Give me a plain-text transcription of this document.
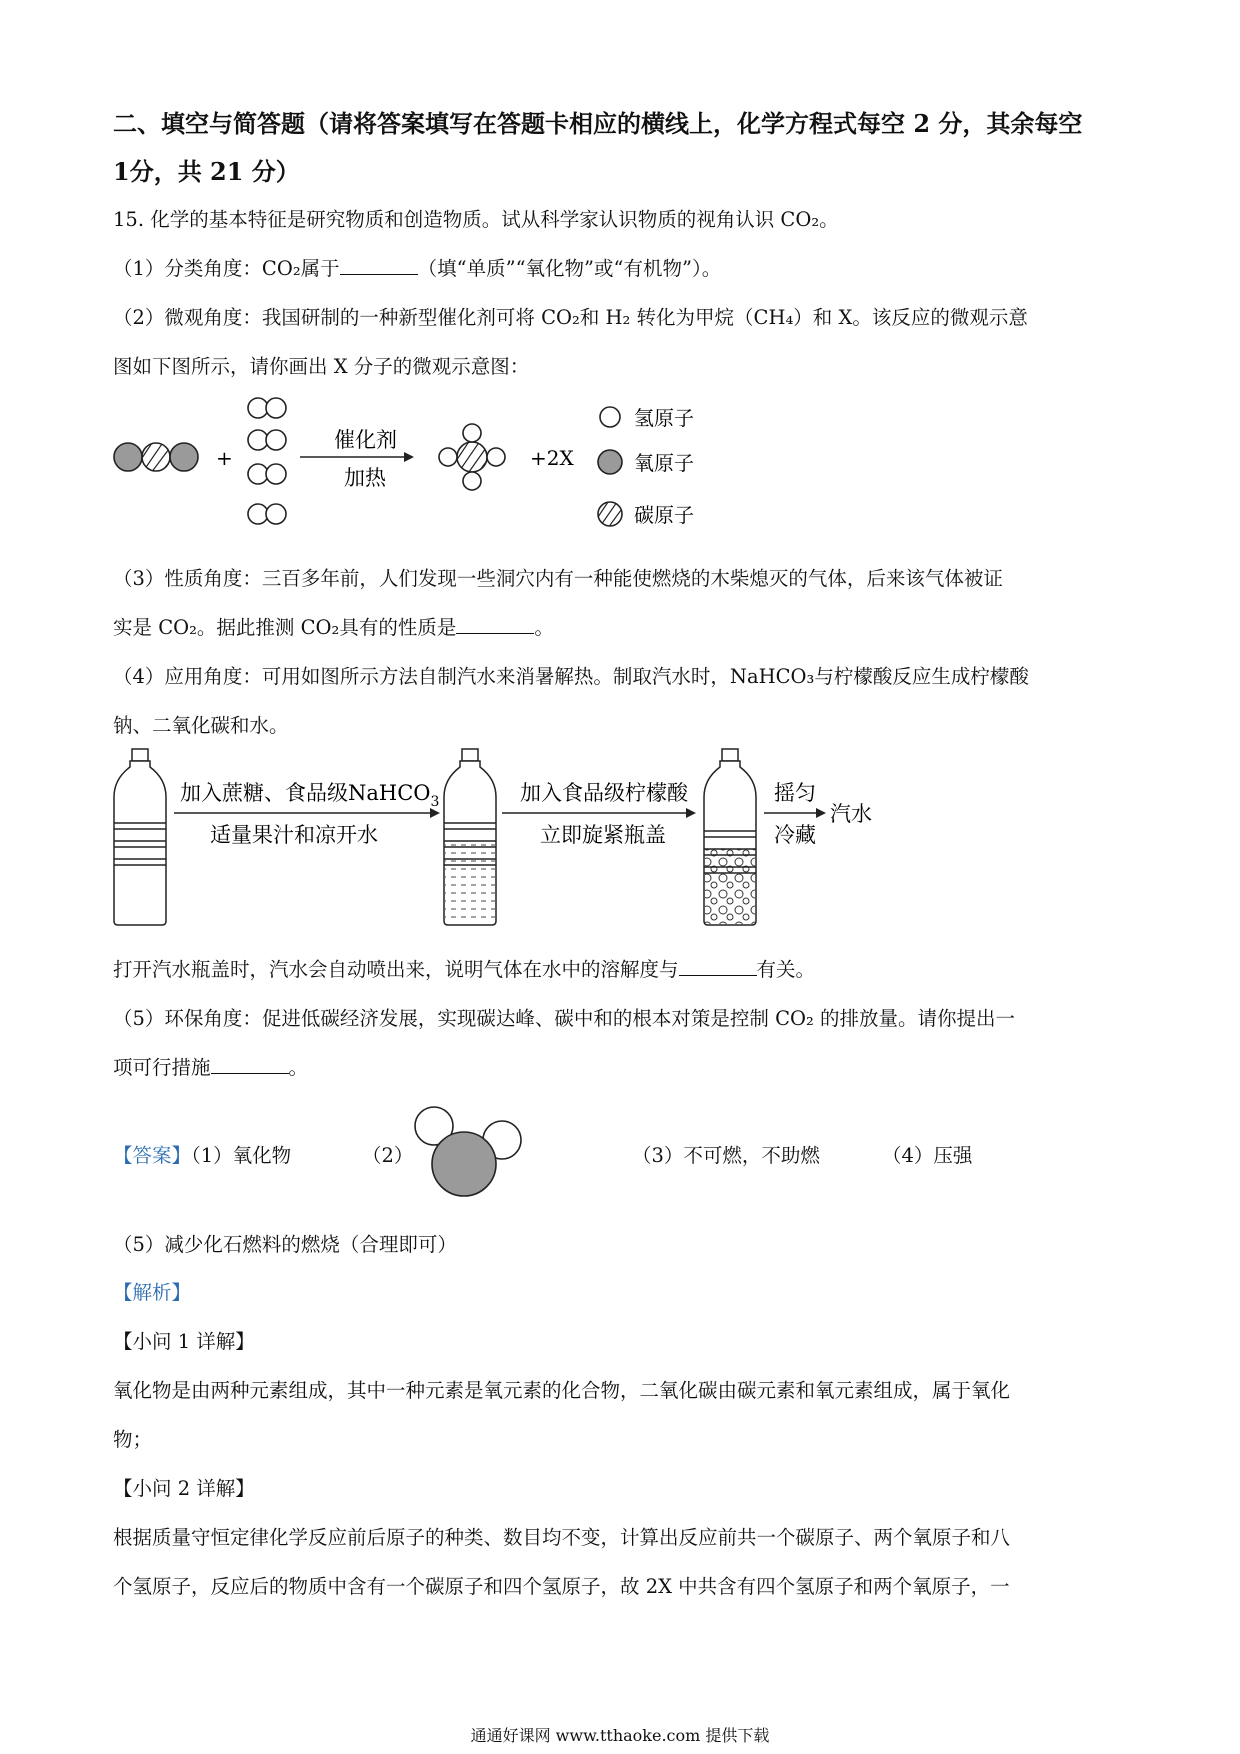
二、填空与简答题（请将答案填写在答题卡相应的横线上，化学方程式每空 2 分，其余每空
1分，共 21 分）
15. 化学的基本特征是研究物质和创造物质。试从科学家认识物质的视角认识 CO₂。
（1）分类角度：CO₂属于	（填“单质”“氧化物”或“有机物”）。
（2）微观角度：我国研制的一种新型催化剂可将 CO₂和 H₂ 转化为甲烷（CH₄）和 X。该反应的微观示意
图如下图所示，请你画出 X 分子的微观示意图：
+
催化剂
加热
+2X
氢原子
氧原子
碳原子
（3）性质角度：三百多年前，人们发现一些洞穴内有一种能使燃烧的木柴熄灭的气体，后来该气体被证
实是 CO₂。据此推测 CO₂具有的性质是	。
（4）应用角度：可用如图所示方法自制汽水来消暑解热。制取汽水时，NaHCO₃与柠檬酸反应生成柠檬酸
钠、二氧化碳和水。
加入蔗糖、食品级NaHCO$_3$
适量果汁和凉开水
加入食品级柠檬酸
立即旋紧瓶盖
摇匀
冷藏
汽水
打开汽水瓶盖时，汽水会自动喷出来，说明气体在水中的溶解度与	有关。
（5）环保角度：促进低碳经济发展，实现碳达峰、碳中和的根本对策是控制 CO₂ 的排放量。请你提出一
项可行措施	。
【答案】（1）氧化物	（2）	（3）不可燃，不助燃	（4）压强
（5）减少化石燃料的燃烧（合理即可）
【解析】
【小问 1 详解】
氧化物是由两种元素组成，其中一种元素是氧元素的化合物，二氧化碳由碳元素和氧元素组成，属于氧化
物；
【小问 2 详解】
根据质量守恒定律化学反应前后原子的种类、数目均不变，计算出反应前共一个碳原子、两个氧原子和八
个氢原子，反应后的物质中含有一个碳原子和四个氢原子，故 2X 中共含有四个氢原子和两个氧原子，一
通通好课网 www.tthaoke.com 提供下载
